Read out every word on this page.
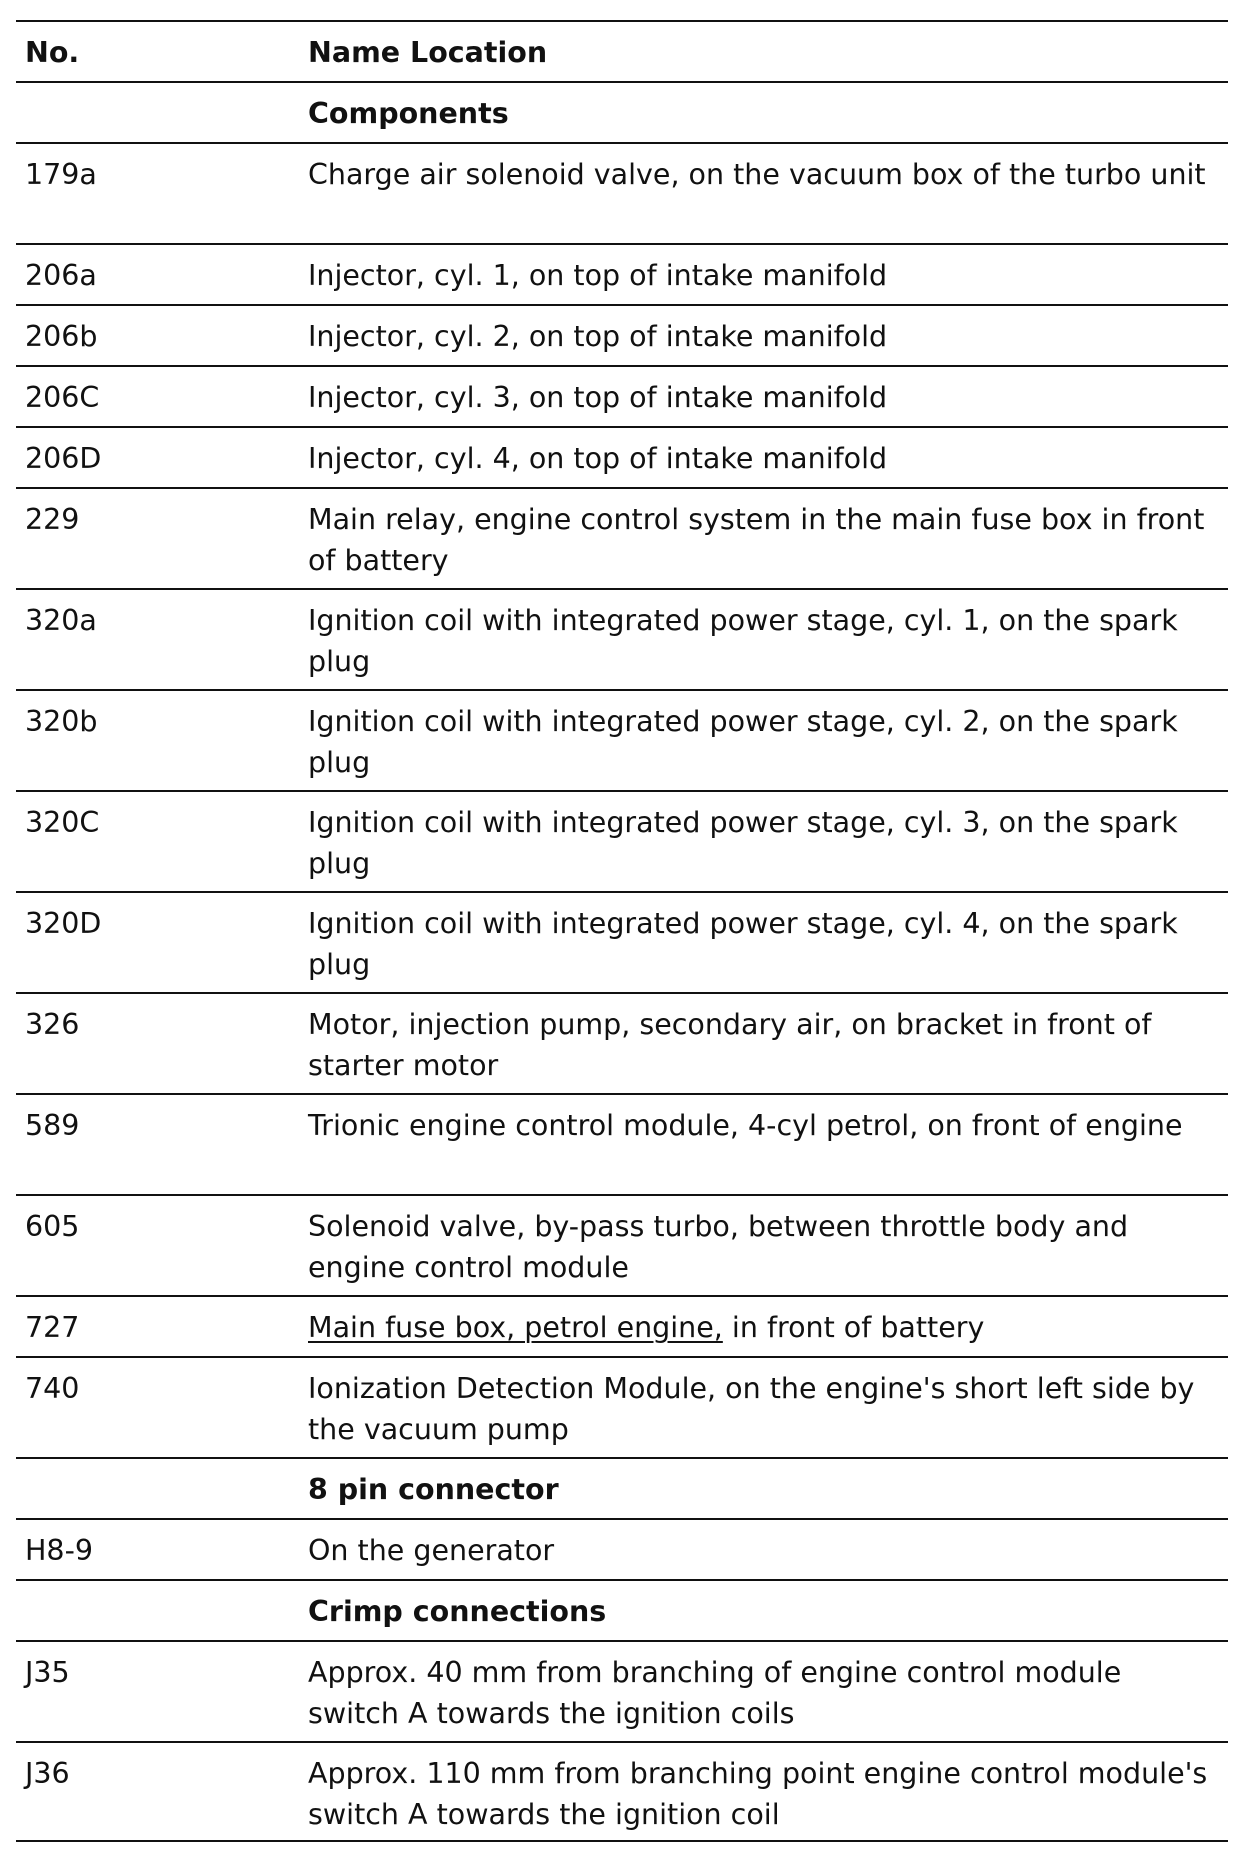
No.	Name Location
Components
179a	Charge air solenoid valve, on the vacuum box of the turbo unit
206a	Injector, cyl. 1, on top of intake manifold
206b	Injector, cyl. 2, on top of intake manifold
206C	Injector, cyl. 3, on top of intake manifold
206D	Injector, cyl. 4, on top of intake manifold
229	Main relay, engine control system in the main fuse box in front of battery
320a	Ignition coil with integrated power stage, cyl. 1, on the spark plug
320b	Ignition coil with integrated power stage, cyl. 2, on the spark plug
320C	Ignition coil with integrated power stage, cyl. 3, on the spark plug
320D	Ignition coil with integrated power stage, cyl. 4, on the spark plug
326	Motor, injection pump, secondary air, on bracket in front of starter motor
589	Trionic engine control module, 4-cyl petrol, on front of engine
605	Solenoid valve, by-pass turbo, between throttle body and engine control module
727	Main fuse box, petrol engine, in front of battery
740	Ionization Detection Module, on the engine's short left side by the vacuum pump
8 pin connector
H8-9	On the generator
Crimp connections
J35	Approx. 40 mm from branching of engine control module switch A towards the ignition coils
J36	Approx. 110 mm from branching point engine control module's switch A towards the ignition coil
